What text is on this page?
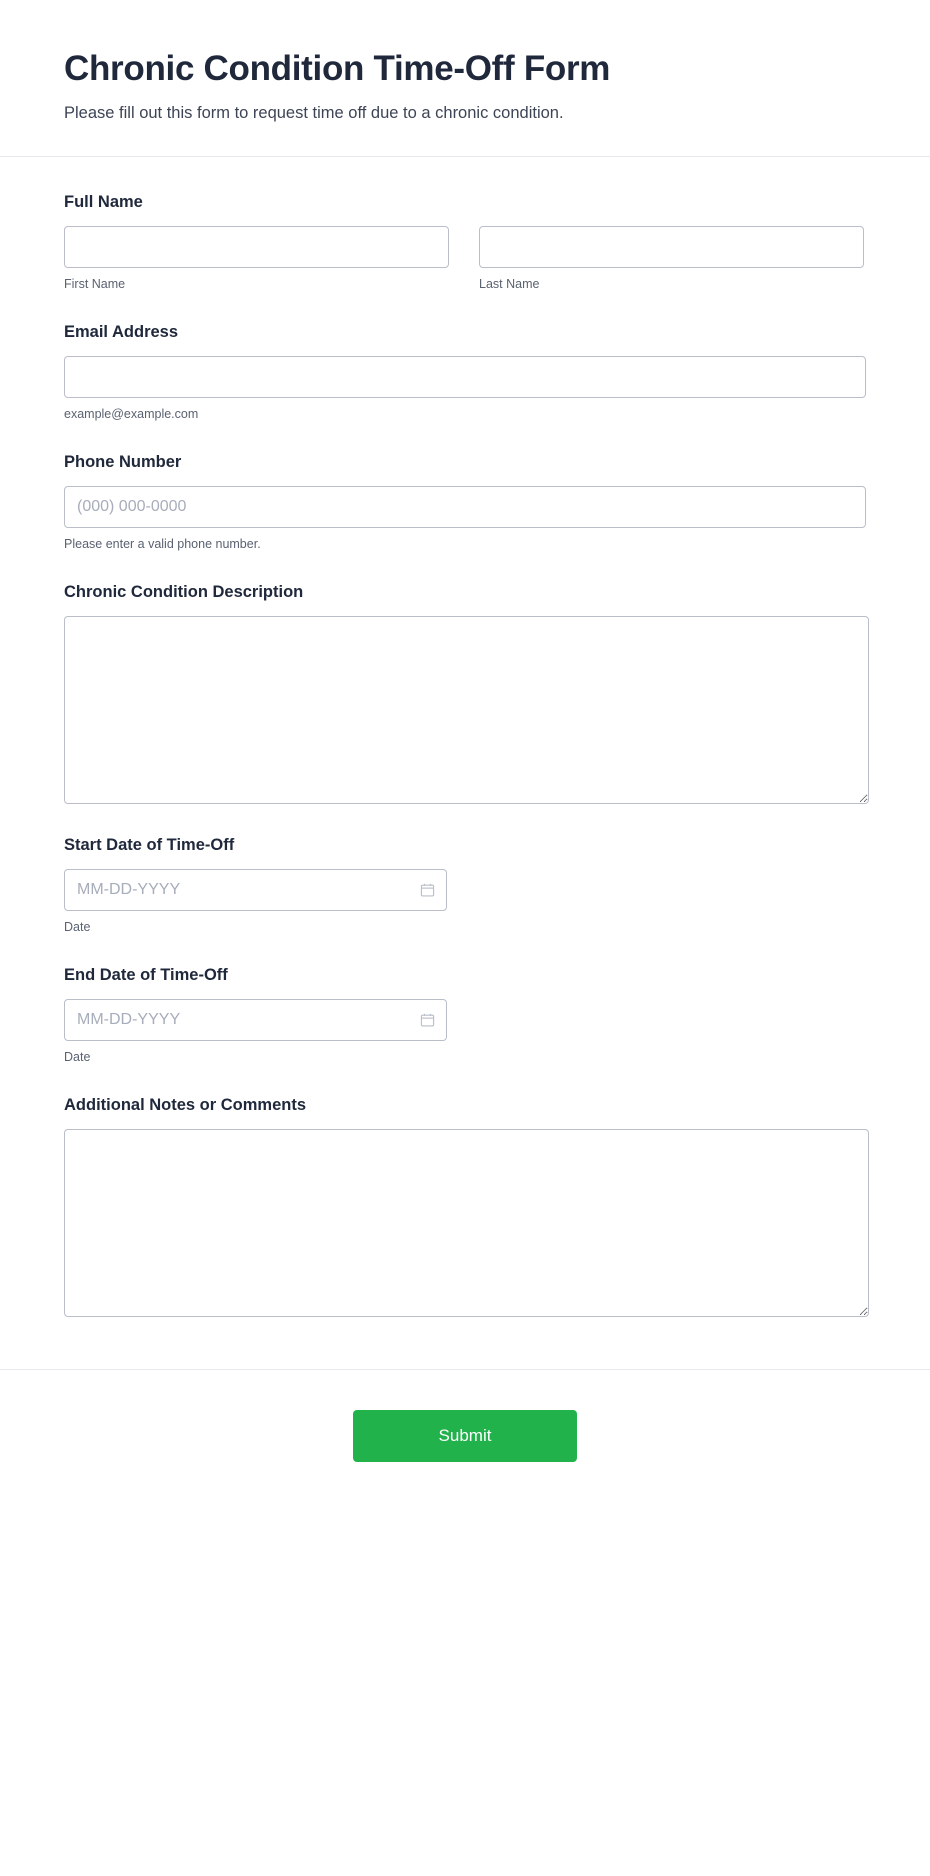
Chronic Condition Time-Off Form

Please fill out this form to request time off due to a chronic condition.

Full Name
First Name	Last Name
Email Address
example@example.com
Phone Number
(000) 000-0000
Please enter a valid phone number.
Chronic Condition Description
Start Date of Time-Off
MM-DD-YYYY
Date
End Date of Time-Off
MM-DD-YYYY
Date
Additional Notes or Comments
Submit
